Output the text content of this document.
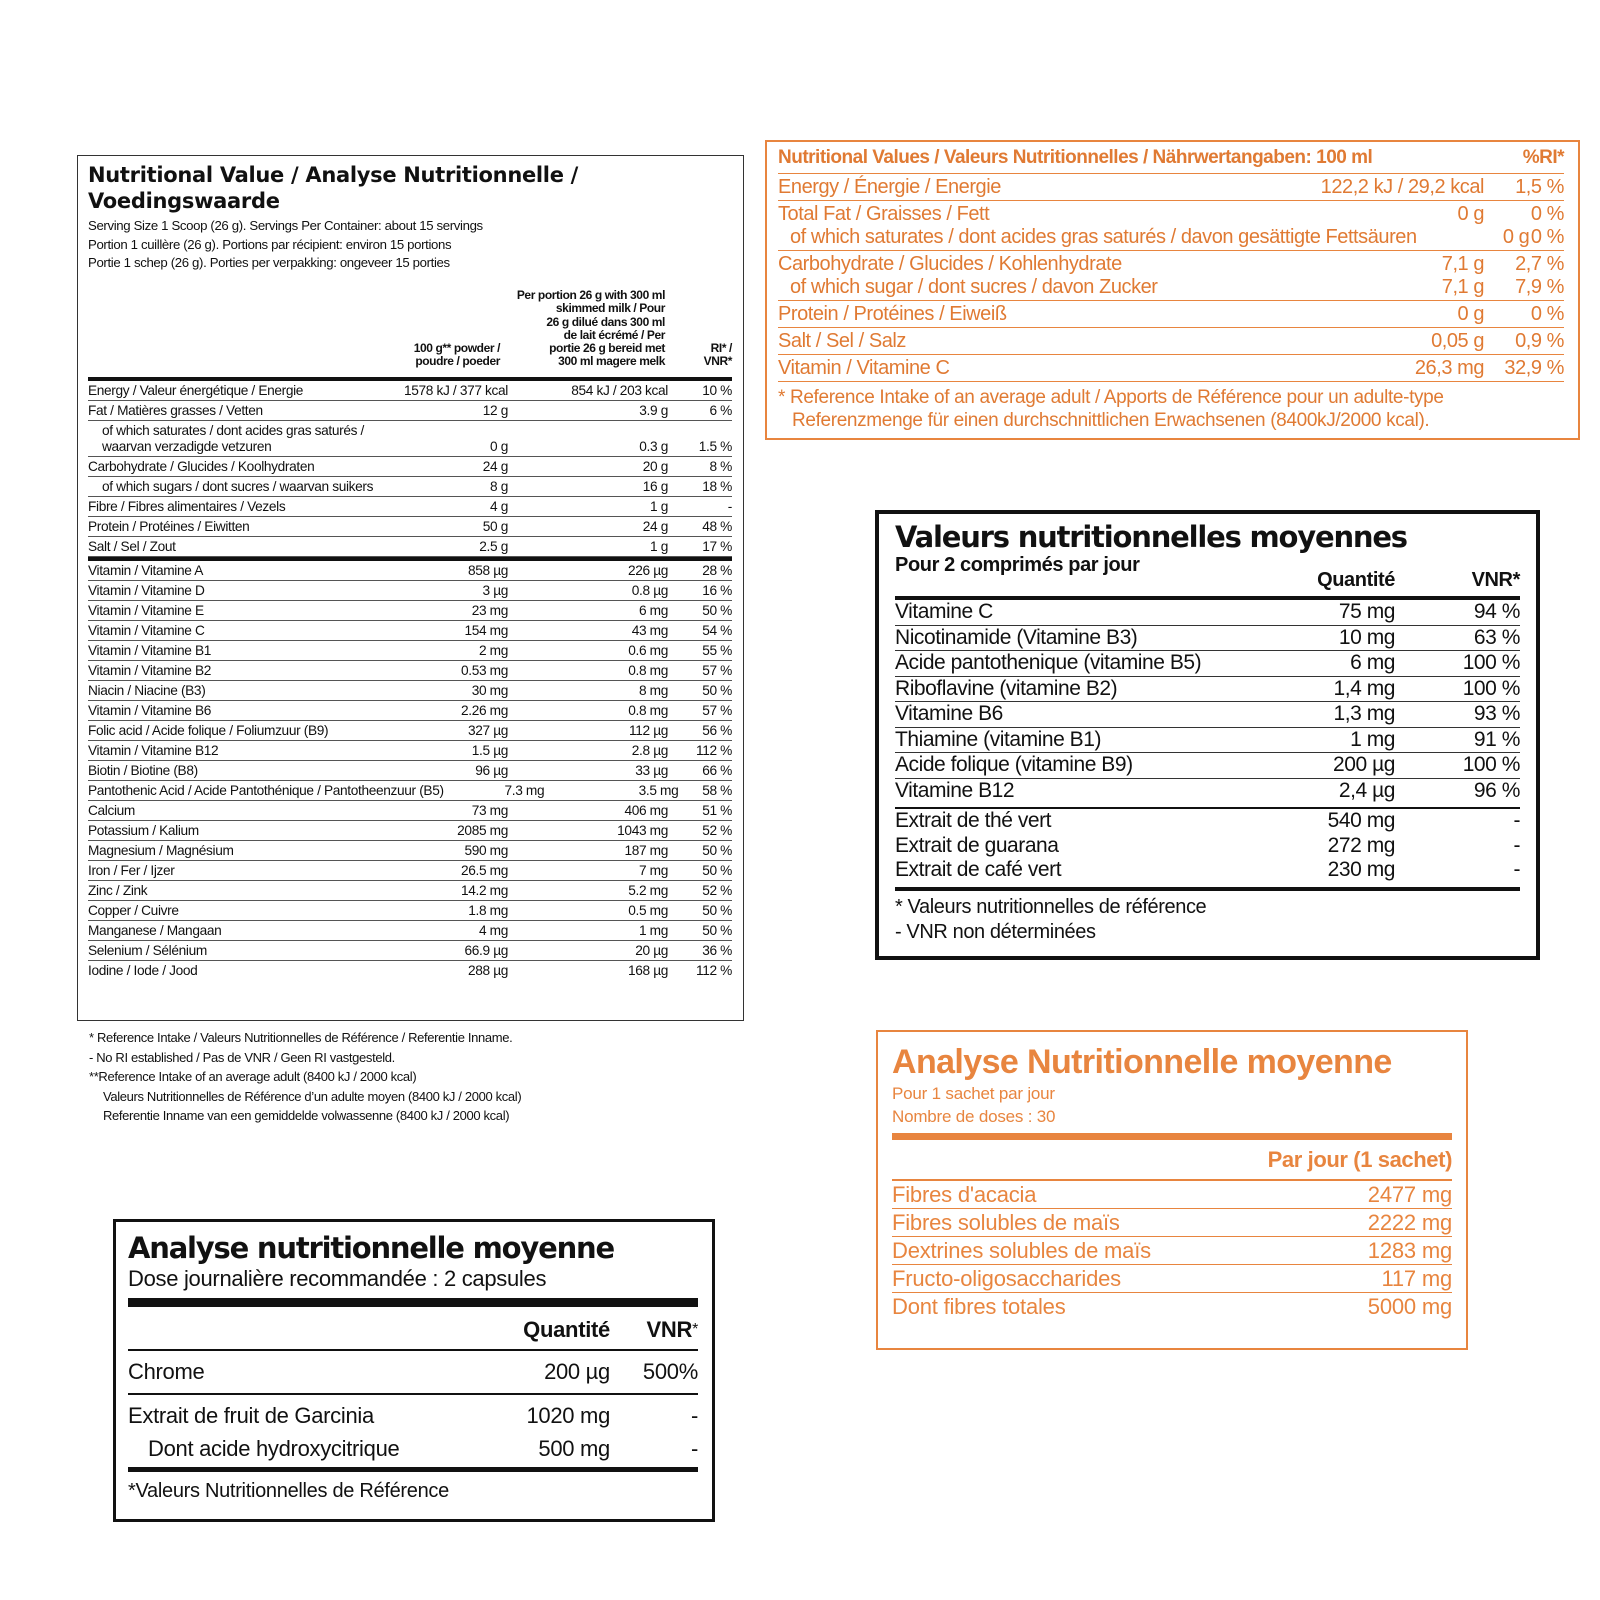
Nutritional Value / Analyse Nutritionnelle / Voedingswaarde
Serving Size 1 Scoop (26 g). Servings Per Container: about 15 servings
Portion 1 cuillère (26 g). Portions par récipient: environ 15 portions
Portie 1 schep (26 g). Porties per verpakking: ongeveer 15 porties
100 g** powder /
poudre / poeder
Per portion 26 g with 300 ml
skimmed milk / Pour
26 g dilué dans 300 ml
de lait écrémé / Per
portie 26 g bereid met
300 ml magere melk
RI* /
VNR*
Energy / Valeur énergétique / Energie	1578 kJ / 377 kcal	854 kJ / 203 kcal	10 %
Fat / Matières grasses / Vetten	12 g	3.9 g	6 %
of which saturates / dont acides gras saturés / waarvan verzadigde vetzuren	0 g	0.3 g	1.5 %
Carbohydrate / Glucides / Koolhydraten	24 g	20 g	8 %
of which sugars / dont sucres / waarvan suikers	8 g	16 g	18 %
Fibre / Fibres alimentaires / Vezels	4 g	1 g	-
Protein / Protéines / Eiwitten	50 g	24 g	48 %
Salt / Sel / Zout	2.5 g	1 g	17 %
Vitamin / Vitamine A	858 µg	226 µg	28 %
Vitamin / Vitamine D	3 µg	0.8 µg	16 %
Vitamin / Vitamine E	23 mg	6 mg	50 %
Vitamin / Vitamine C	154 mg	43 mg	54 %
Vitamin / Vitamine B1	2 mg	0.6 mg	55 %
Vitamin / Vitamine B2	0.53 mg	0.8 mg	57 %
Niacin / Niacine (B3)	30 mg	8 mg	50 %
Vitamin / Vitamine B6	2.26 mg	0.8 mg	57 %
Folic acid / Acide folique / Foliumzuur (B9)	327 µg	112 µg	56 %
Vitamin / Vitamine B12	1.5 µg	2.8 µg	112 %
Biotin / Biotine (B8)	96 µg	33 µg	66 %
Pantothenic Acid / Acide Pantothénique / Pantotheenzuur (B5)	7.3 mg	3.5 mg	58 %
Calcium	73 mg	406 mg	51 %
Potassium / Kalium	2085 mg	1043 mg	52 %
Magnesium / Magnésium	590 mg	187 mg	50 %
Iron / Fer / Ijzer	26.5 mg	7 mg	50 %
Zinc / Zink	14.2 mg	5.2 mg	52 %
Copper / Cuivre	1.8 mg	0.5 mg	50 %
Manganese / Mangaan	4 mg	1 mg	50 %
Selenium / Sélénium	66.9 µg	20 µg	36 %
Iodine / Iode / Jood	288 µg	168 µg	112 %
* Reference Intake / Valeurs Nutritionnelles de Référence / Referentie Inname.
- No RI established / Pas de VNR / Geen RI vastgesteld.
**Reference Intake of an average adult (8400 kJ / 2000 kcal)
Valeurs Nutritionnelles de Référence d’un adulte moyen (8400 kJ / 2000 kcal)
Referentie Inname van een gemiddelde volwassenne (8400 kJ / 2000 kcal)
Nutritional Values / Valeurs Nutritionnelles / Nährwertangaben: 100 ml	%RI*
Energy / Énergie / Energie	122,2 kJ / 29,2 kcal	1,5 %
Total Fat / Graisses / Fett	0 g	0 %
of which saturates / dont acides gras saturés / davon gesättigte Fettsäuren	0 g 0 %
Carbohydrate / Glucides / Kohlenhydrate	7,1 g	2,7 %
of which sugar / dont sucres / davon Zucker	7,1 g	7,9 %
Protein / Protéines / Eiweiß	0 g	0 %
Salt / Sel / Salz	0,05 g	0,9 %
Vitamin / Vitamine C	26,3 mg	32,9 %
* Reference Intake of an average adult / Apports de Référence pour un adulte-type
Referenzmenge für einen durchschnittlichen Erwachsenen (8400kJ/2000 kcal).
Valeurs nutritionnelles moyennes
Pour 2 comprimés par jour
Quantité	VNR*
Vitamine C	75 mg	94 %
Nicotinamide (Vitamine B3)	10 mg	63 %
Acide pantothenique (vitamine B5)	6 mg	100 %
Riboflavine (vitamine B2)	1,4 mg	100 %
Vitamine B6	1,3 mg	93 %
Thiamine (vitamine B1)	1 mg	91 %
Acide folique (vitamine B9)	200 µg	100 %
Vitamine B12	2,4 µg	96 %
Extrait de thé vert	540 mg	-
Extrait de guarana	272 mg	-
Extrait de café vert	230 mg	-
* Valeurs nutritionnelles de référence
- VNR non déterminées
Analyse nutritionnelle moyenne
Dose journalière recommandée : 2 capsules
Quantité	VNR*
Chrome	200 µg	500%
Extrait de fruit de Garcinia	1020 mg	-
Dont acide hydroxycitrique	500 mg	-
*Valeurs Nutritionnelles de Référence
Analyse Nutritionnelle moyenne
Pour 1 sachet par jour
Nombre de doses : 30
Par jour (1 sachet)
Fibres d'acacia	2477 mg
Fibres solubles de maïs	2222 mg
Dextrines solubles de maïs	1283 mg
Fructo-oligosaccharides	117 mg
Dont fibres totales	5000 mg
